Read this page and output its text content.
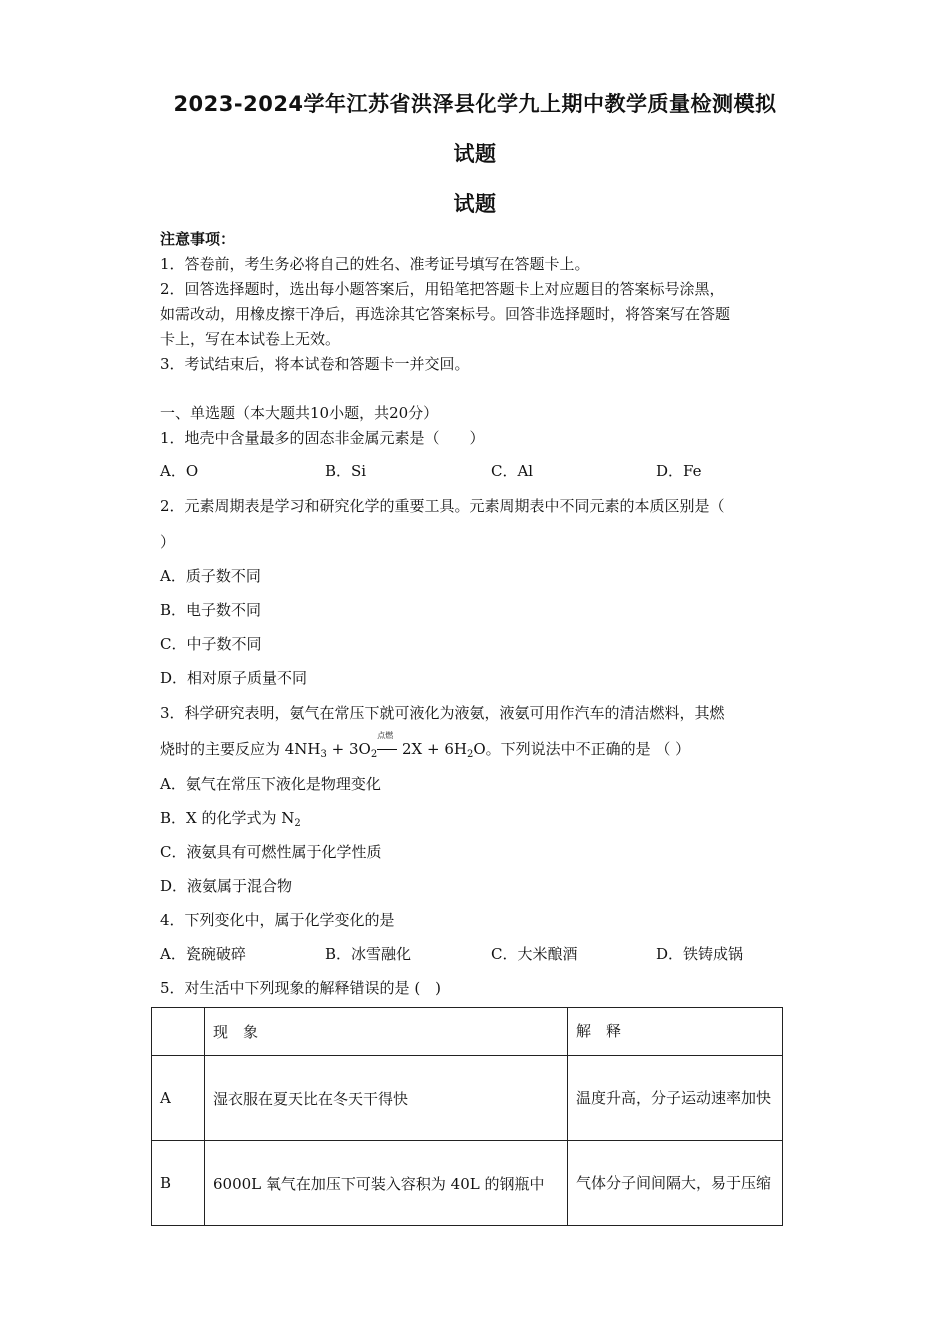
2023-2024学年江苏省洪泽县化学九上期中教学质量检测模拟
试题
试题
注意事项：
1．答卷前，考生务必将自己的姓名、准考证号填写在答题卡上。
2．回答选择题时，选出每小题答案后，用铅笔把答题卡上对应题目的答案标号涂黑，
如需改动，用橡皮擦干净后，再选涂其它答案标号。回答非选择题时，将答案写在答题
卡上，写在本试卷上无效。
3．考试结束后，将本试卷和答题卡一并交回。
一、单选题（本大题共10小题，共20分）
1．地壳中含量最多的固态非金属元素是（　　）
A．O	B．Si	C．Al	D．Fe
2．元素周期表是学习和研究化学的重要工具。元素周期表中不同元素的本质区别是（
）
A．质子数不同
B．电子数不同
C．中子数不同
D．相对原子质量不同
3．科学研究表明，氨气在常压下就可液化为液氨，液氨可用作汽车的清洁燃料，其燃
烧时的主要反应为 $4NH_3 + 3O_2$
点燃
$2X + 6H_2O$。下列说法中不正确的是 （ ）
A．氨气在常压下液化是物理变化
B．X 的化学式为 $N_2$
C．液氨具有可燃性属于化学性质
D．液氨属于混合物
4．下列变化中，属于化学变化的是
A．瓷碗破碎	B．冰雪融化	C．大米酿酒	D．铁铸成锅
5．对生活中下列现象的解释错误的是 (　)
	现　象	解　释
A	湿衣服在夏天比在冬天干得快	温度升高，分子运动速率加快
B	6000L 氧气在加压下可装入容积为 40L 的钢瓶中	气体分子间间隔大，易于压缩
